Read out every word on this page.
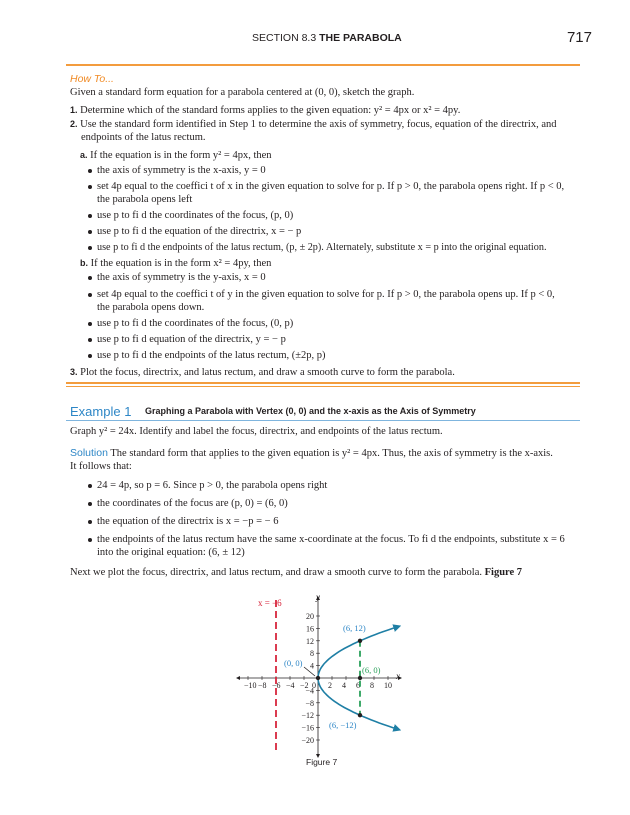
SECTION 8.3 THE PARABOLA	717
How To...
Given a standard form equation for a parabola centered at (0, 0), sketch the graph.
1. Determine which of the standard forms applies to the given equation: y² = 4px or x² = 4py.
2. Use the standard form identified in Step 1 to determine the axis of symmetry, focus, equation of the directrix, and
endpoints of the latus rectum.
a. If the equation is in the form y² = 4px, then
the axis of symmetry is the x-axis, y = 0
set 4p equal to the coeffici t of x in the given equation to solve for p. If p > 0, the parabola opens right. If p < 0,
the parabola opens left
use p to fi d the coordinates of the focus, (p, 0)
use p to fi d the equation of the directrix, x = − p
use p to fi d the endpoints of the latus rectum, (p, ± 2p). Alternately, substitute x = p into the original equation.
b. If the equation is in the form x² = 4py, then
the axis of symmetry is the y-axis, x = 0
set 4p equal to the coeffici t of y in the given equation to solve for p. If p > 0, the parabola opens up. If p < 0,
the parabola opens down.
use p to fi d the coordinates of the focus, (0, p)
use p to fi d equation of the directrix, y = − p
use p to fi d the endpoints of the latus rectum, (±2p, p)
3. Plot the focus, directrix, and latus rectum, and draw a smooth curve to form the parabola.
Example 1 Graphing a Parabola with Vertex (0, 0) and the x-axis as the Axis of Symmetry
Graph y² = 24x. Identify and label the focus, directrix, and endpoints of the latus rectum.
Solution The standard form that applies to the given equation is y² = 4px. Thus, the axis of symmetry is the x-axis.
It follows that:
24 = 4p, so p = 6. Since p > 0, the parabola opens right
the coordinates of the focus are (p, 0) = (6, 0)
the equation of the directrix is x = −p = − 6
the endpoints of the latus rectum have the same x-coordinate at the focus. To fi d the endpoints, substitute x = 6
into the original equation: (6, ± 12)
Next we plot the focus, directrix, and latus rectum, and draw a smooth curve to form the parabola. Figure 7
−10 −8 −6 −4 −2 0 2 4 6 8 10
20
16
12
8
4
−4
−8
−12
−16
−20
x = −6
x
y
(0, 0)
(6, 0)
(6, 12)
(6, −12)
Figure 7
